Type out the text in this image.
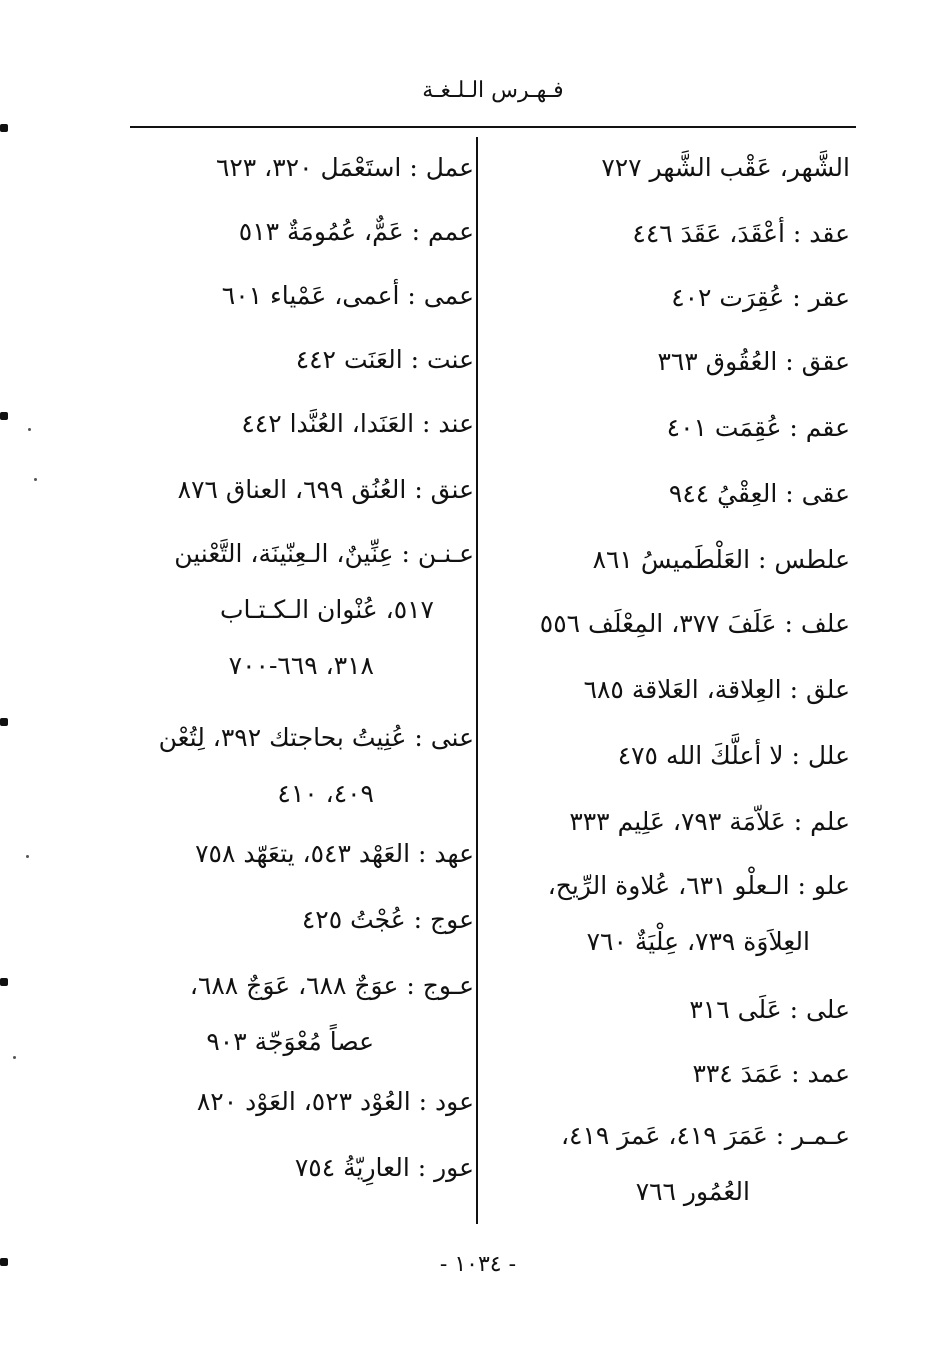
فـهـرس الـلـغـة
الشَّهر، عَقْب الشَّهر ٧٢٧
عقد : أعْقَدَ، عَقَدَ ٤٤٦
عقر : عُقِرَت ٤٠٢
عقق : العُقُوق ٣٦٣
عقم : عُقِمَت ٤٠١
عقى : العِقْيُ ٩٤٤
علطس : العَلْطَميسُ ٨٦١
علف : عَلَفَ ٣٧٧، المِعْلَف ٥٥٦
علق : العِلاقة، العَلاقة ٦٨٥
علل : لا أعلَّكَ الله ٤٧٥
علم : عَلاّمَة ٧٩٣، عَلِيم ٣٣٣
علو : الـعلْو ٦٣١، عُلاوة الرِّيح،
العِلاَوَة ٧٣٩، عِلْيَةٌ ٧٦٠
على : عَلَى ٣١٦
عمد : عَمَدَ ٣٣٤
عـمـر : عَمَرَ ٤١٩، عَمرَ ٤١٩،
العُمُور ٧٦٦
عمل : استَعْمَل ٣٢٠، ٦٢٣
عمم : عَمٌّ، عُمُومَةٌ ٥١٣
عمى : أعمى، عَمْياء ٦٠١
عنت : العَنَت ٤٤٢
عند : العَنَدا، العُنَّدا ٤٤٢
عنق : العُنُق ٦٩٩، العناق ٨٧٦
عـنـن : عِنِّينٌ، الـعِنّينَة، التَّعْنين
٥١٧، عُنْوان الـكـتـاب
٣١٨، ٦٦٩-٧٠٠
عنى : عُنِيتُ بحاجتك ٣٩٢، لِتُعْن
٤٠٩، ٤١٠
عهد : العَهْد ٥٤٣، يتعَهّد ٧٥٨
عوج : عُجْتُ ٤٢٥
عـوج : عوَجٌ ٦٨٨، عَوَجٌ ٦٨٨،
عصاً مُعْوَجّة ٩٠٣
عود : العُوْد ٥٢٣، العَوْد ٨٢٠
عور : العارِيّةُ ٧٥٤
- ١٠٣٤ -
